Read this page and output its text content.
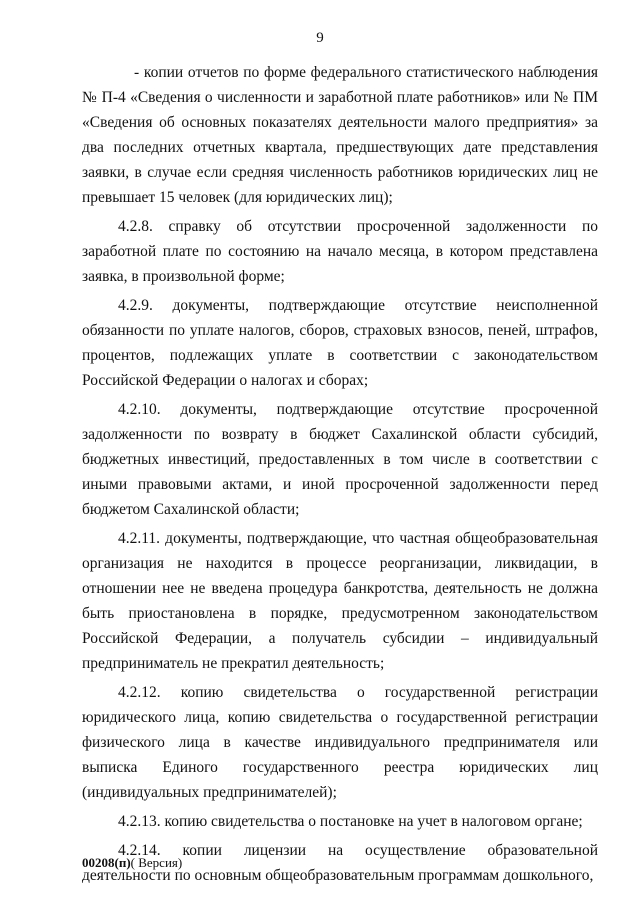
9

- копии отчетов по форме федерального статистического наблюдения № П-4 «Сведения о численности и заработной плате работников» или № ПМ «Сведения об основных показателях деятельности малого предприятия» за два последних отчетных квартала, предшествующих дате представления заявки, в случае если средняя численность работников юридических лиц не превышает 15 человек (для юридических лиц);

4.2.8. справку об отсутствии просроченной задолженности по заработной плате по состоянию на начало месяца, в котором представлена заявка, в произвольной форме;

4.2.9. документы, подтверждающие отсутствие неисполненной обязанности по уплате налогов, сборов, страховых взносов, пеней, штрафов, процентов, подлежащих уплате в соответствии с законодательством Российской Федерации о налогах и сборах;

4.2.10. документы, подтверждающие отсутствие просроченной задолженности по возврату в бюджет Сахалинской области субсидий, бюджетных инвестиций, предоставленных в том числе в соответствии с иными правовыми актами, и иной просроченной задолженности перед бюджетом Сахалинской области;

4.2.11. документы, подтверждающие, что частная общеобразовательная организация не находится в процессе реорганизации, ликвидации, в отношении нее не введена процедура банкротства, деятельность не должна быть приостановлена в порядке, предусмотренном законодательством Российской Федерации, а получатель субсидии – индивидуальный предприниматель не прекратил деятельность;

4.2.12. копию свидетельства о государственной регистрации юридического лица, копию свидетельства о государственной регистрации физического лица в качестве индивидуального предпринимателя или выписка Единого государственного реестра юридических лиц (индивидуальных предпринимателей);

4.2.13. копию свидетельства о постановке на учет в налоговом органе;

4.2.14. копии лицензии на осуществление образовательной деятельности по основным общеобразовательным программам дошкольного,

00208(п)( Версия)
